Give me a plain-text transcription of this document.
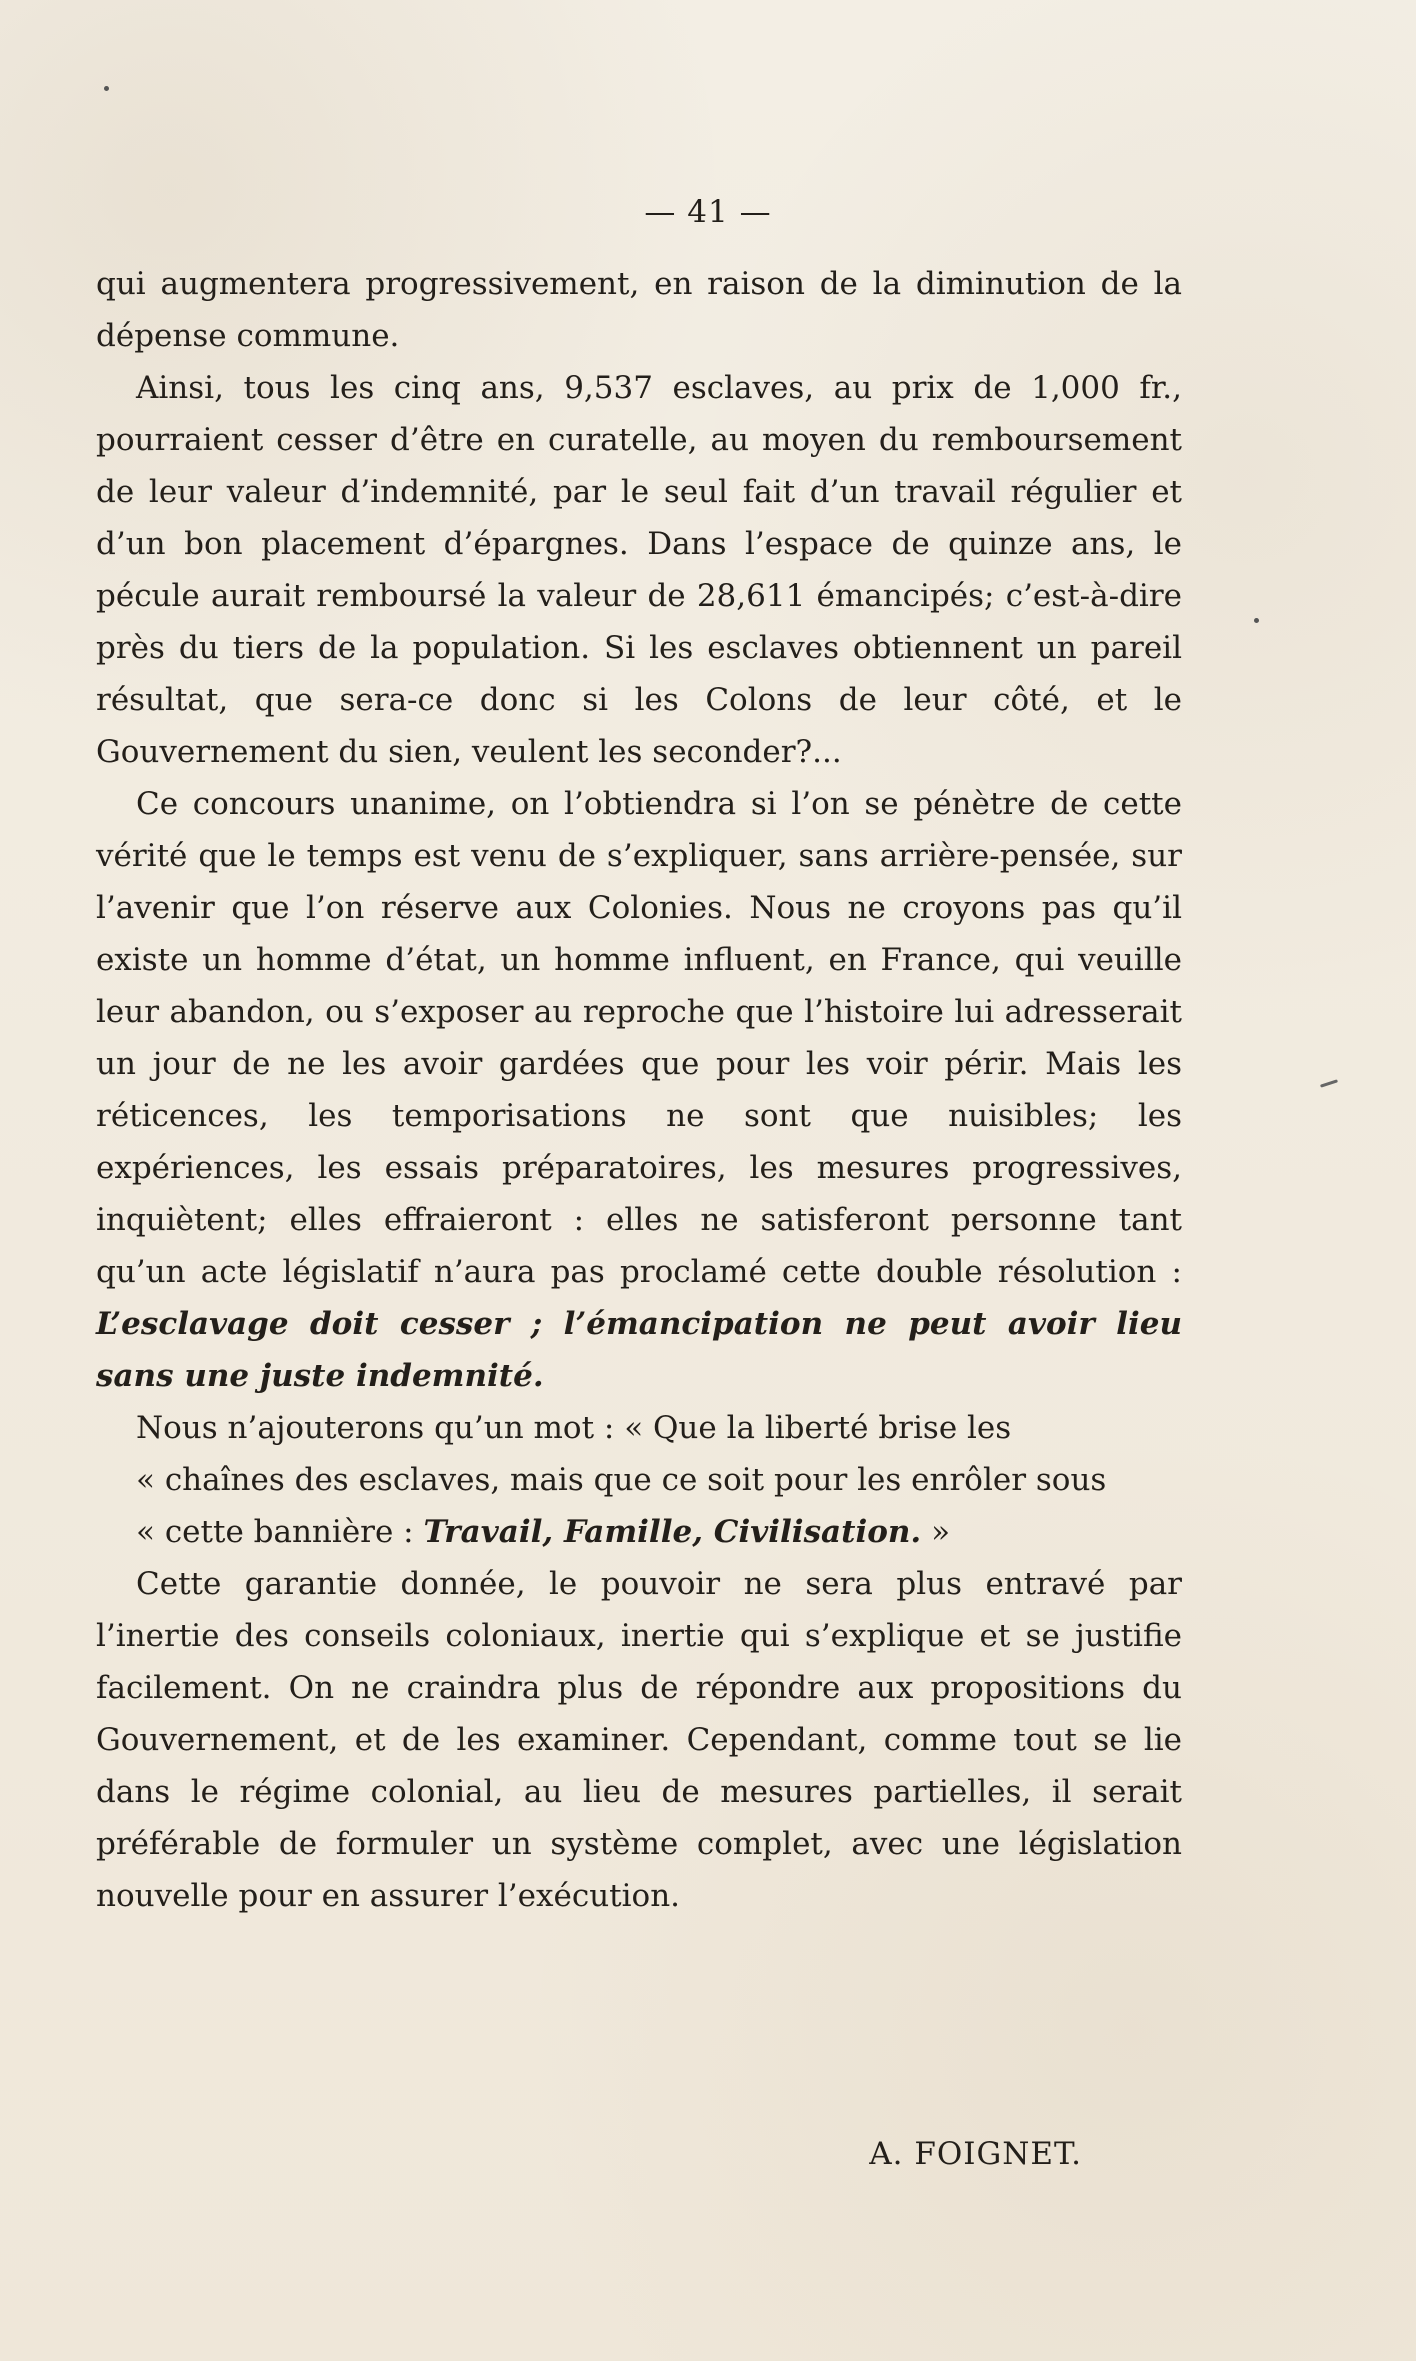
— 41 —

qui augmentera progressivement, en raison de la diminution de la dépense commune.

Ainsi, tous les cinq ans, 9,537 esclaves, au prix de 1,000 fr., pourraient cesser d’être en curatelle, au moyen du remboursement de leur valeur d’indemnité, par le seul fait d’un travail régulier et d’un bon placement d’épargnes. Dans l’espace de quinze ans, le pécule aurait remboursé la valeur de 28,611 émancipés; c’est-à-dire près du tiers de la population. Si les esclaves obtiennent un pareil résultat, que sera-ce donc si les Colons de leur côté, et le Gouvernement du sien, veulent les seconder?...

Ce concours unanime, on l’obtiendra si l’on se pénètre de cette vérité que le temps est venu de s’expliquer, sans arrière-pensée, sur l’avenir que l’on réserve aux Colonies. Nous ne croyons pas qu’il existe un homme d’état, un homme influent, en France, qui veuille leur abandon, ou s’exposer au reproche que l’histoire lui adresserait un jour de ne les avoir gardées que pour les voir périr. Mais les réticences, les temporisations ne sont que nuisibles; les expériences, les essais préparatoires, les mesures progressives, inquiètent; elles effraieront : elles ne satisferont personne tant qu’un acte législatif n’aura pas proclamé cette double résolution : L’esclavage doit cesser ; l’émancipation ne peut avoir lieu sans une juste indemnité.

Nous n’ajouterons qu’un mot : « Que la liberté brise les
« chaînes des esclaves, mais que ce soit pour les enrôler sous
« cette bannière : Travail, Famille, Civilisation. »

Cette garantie donnée, le pouvoir ne sera plus entravé par l’inertie des conseils coloniaux, inertie qui s’explique et se justifie facilement. On ne craindra plus de répondre aux propositions du Gouvernement, et de les examiner. Cependant, comme tout se lie dans le régime colonial, au lieu de mesures partielles, il serait préférable de formuler un système complet, avec une législation nouvelle pour en assurer l’exécution.

A. FOIGNET.
